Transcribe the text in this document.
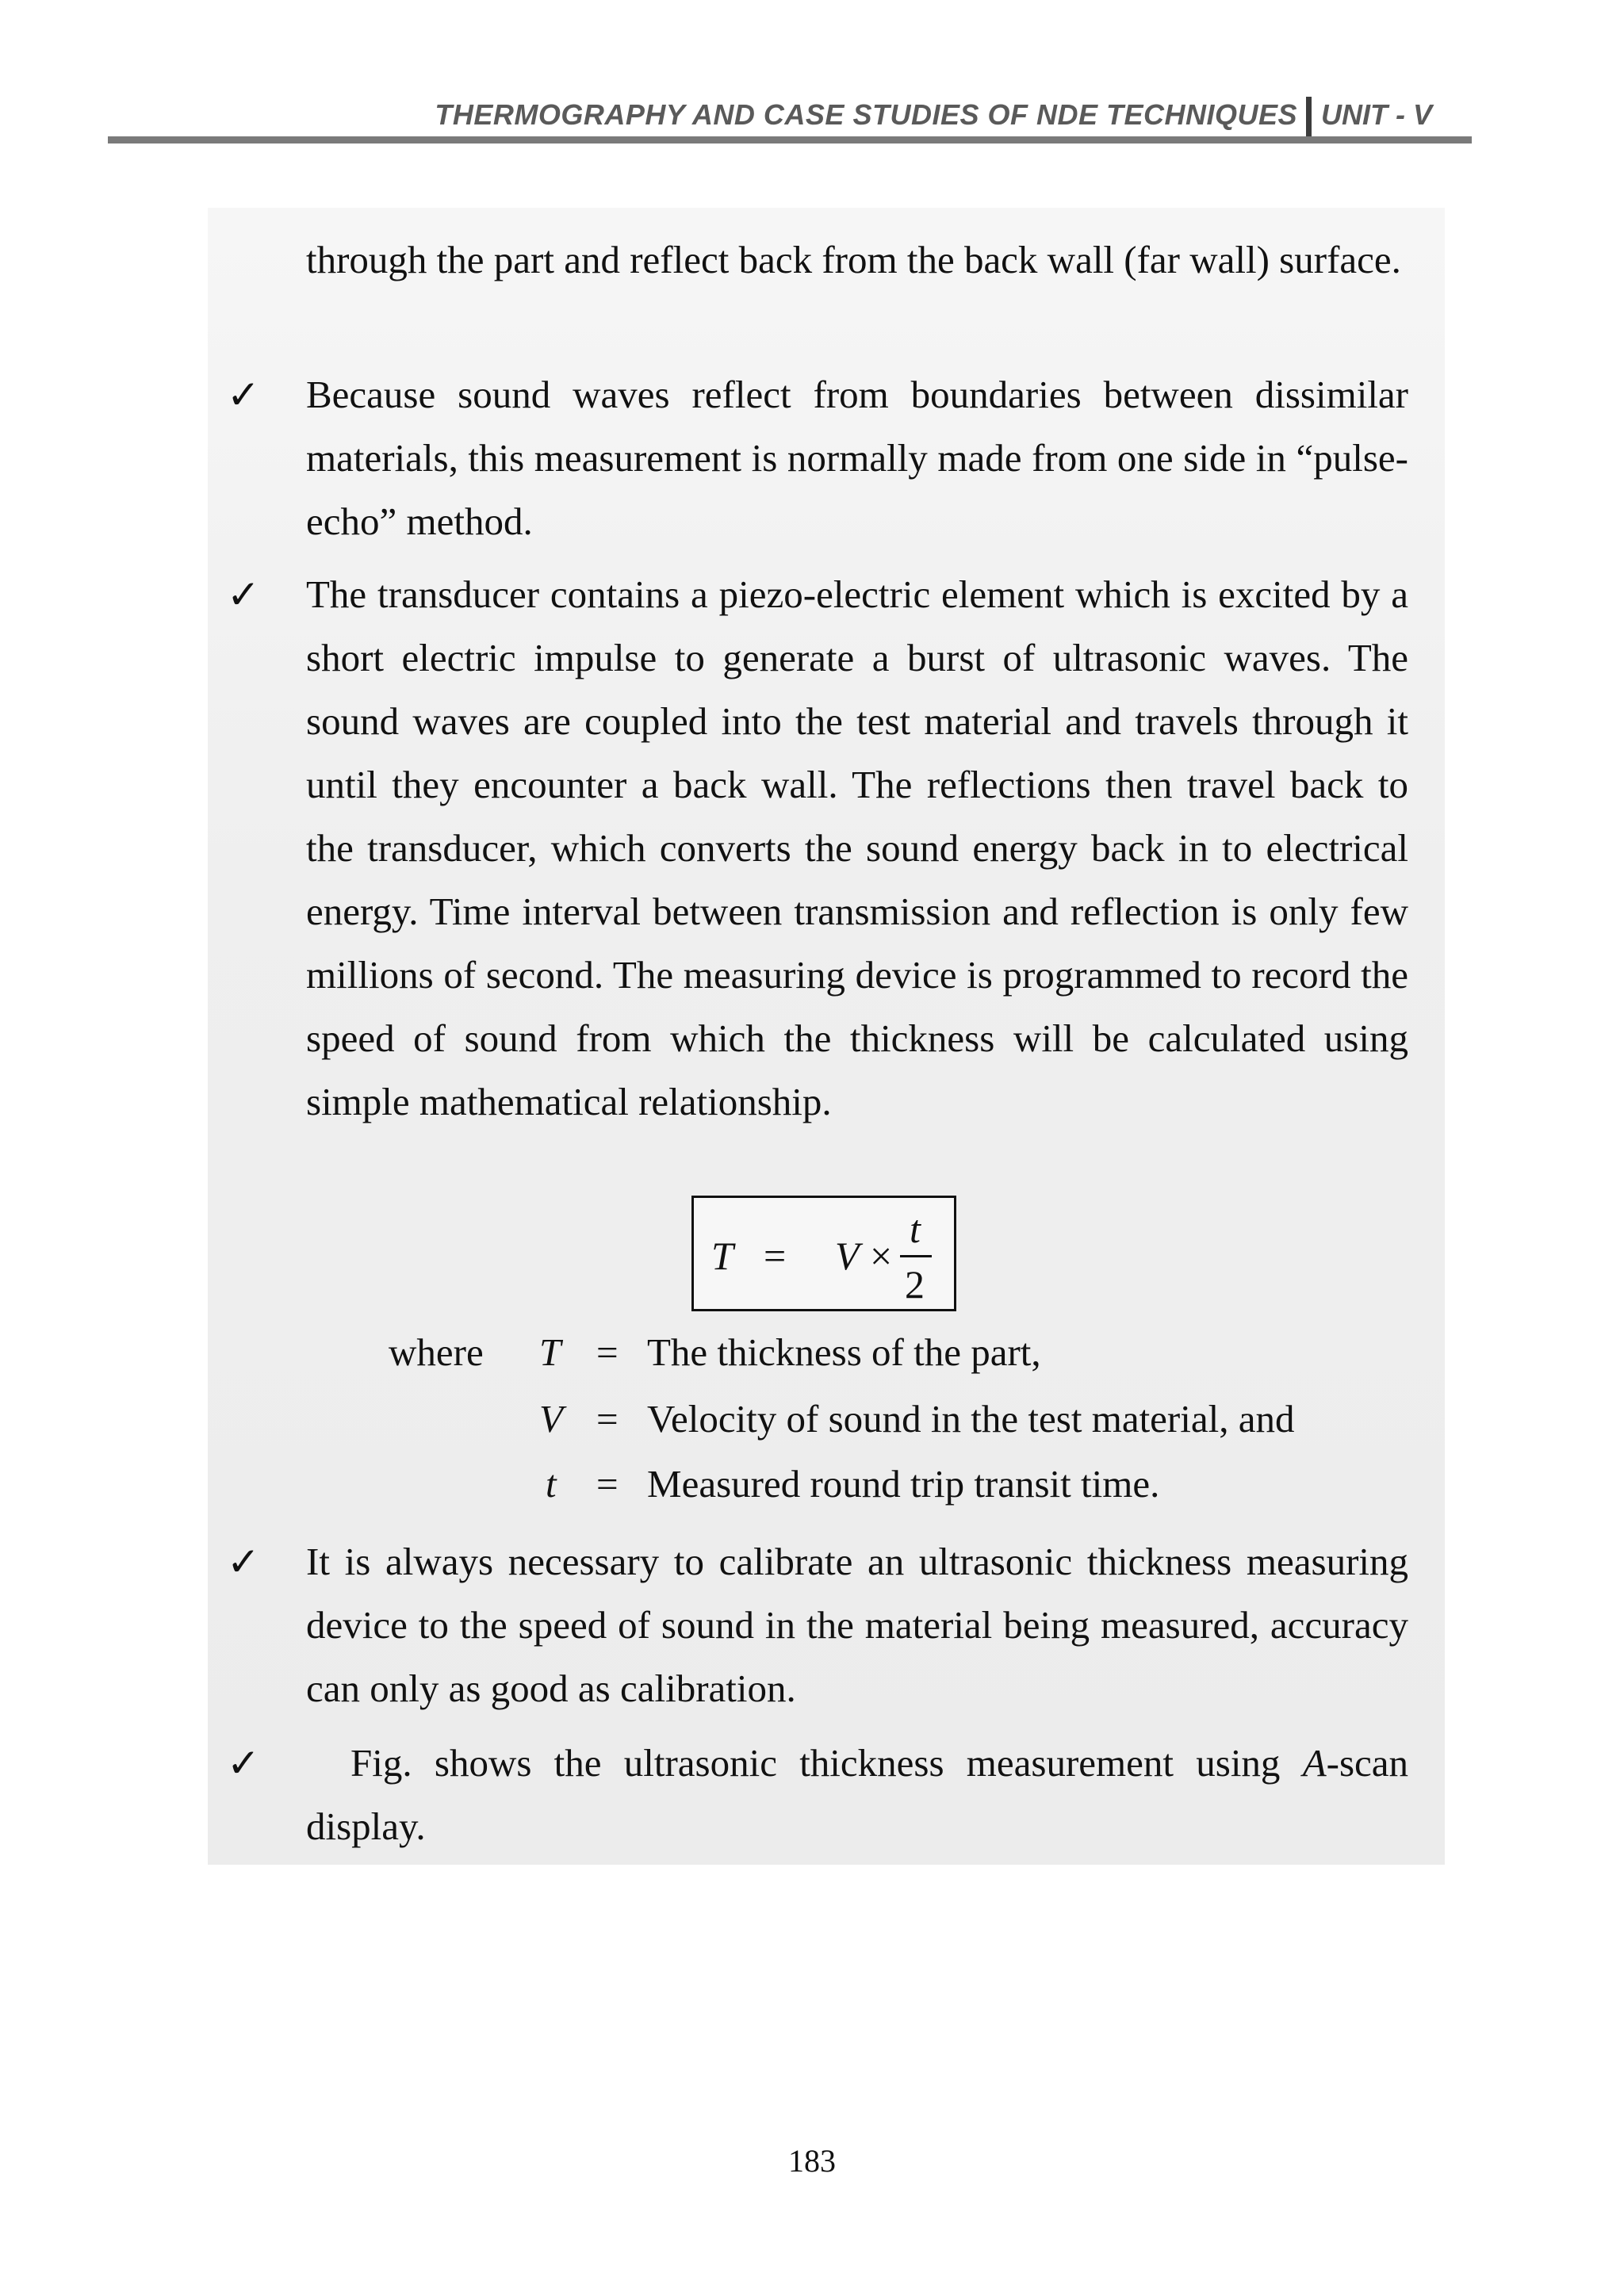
THERMOGRAPHY AND CASE STUDIES OF NDE TECHNIQUES UNIT - V

through the part and reflect back from the back wall (far wall) surface.

✓ Because sound waves reflect from boundaries between dissimilar materials, this measurement is normally made from one side in “pulse-echo” method.

✓ The transducer contains a piezo-electric element which is excited by a short electric impulse to generate a burst of ultrasonic waves. The sound waves are coupled into the test material and travels through it until they encounter a back wall. The reflections then travel back to the transducer, which converts the sound energy back in to electrical energy. Time interval between transmission and reflection is only few millions of second. The measuring device is programmed to record the speed of sound from which the thickness will be calculated using simple mathematical relationship.

T = V ×
t
2
where T = The thickness of the part,
V = Velocity of sound in the test material, and
t = Measured round trip transit time.
✓ It is always necessary to calibrate an ultrasonic thickness measuring device to the speed of sound in the material being measured, accuracy can only as good as calibration.

✓	Fig. shows the ultrasonic thickness measurement using A-scan display.

183
